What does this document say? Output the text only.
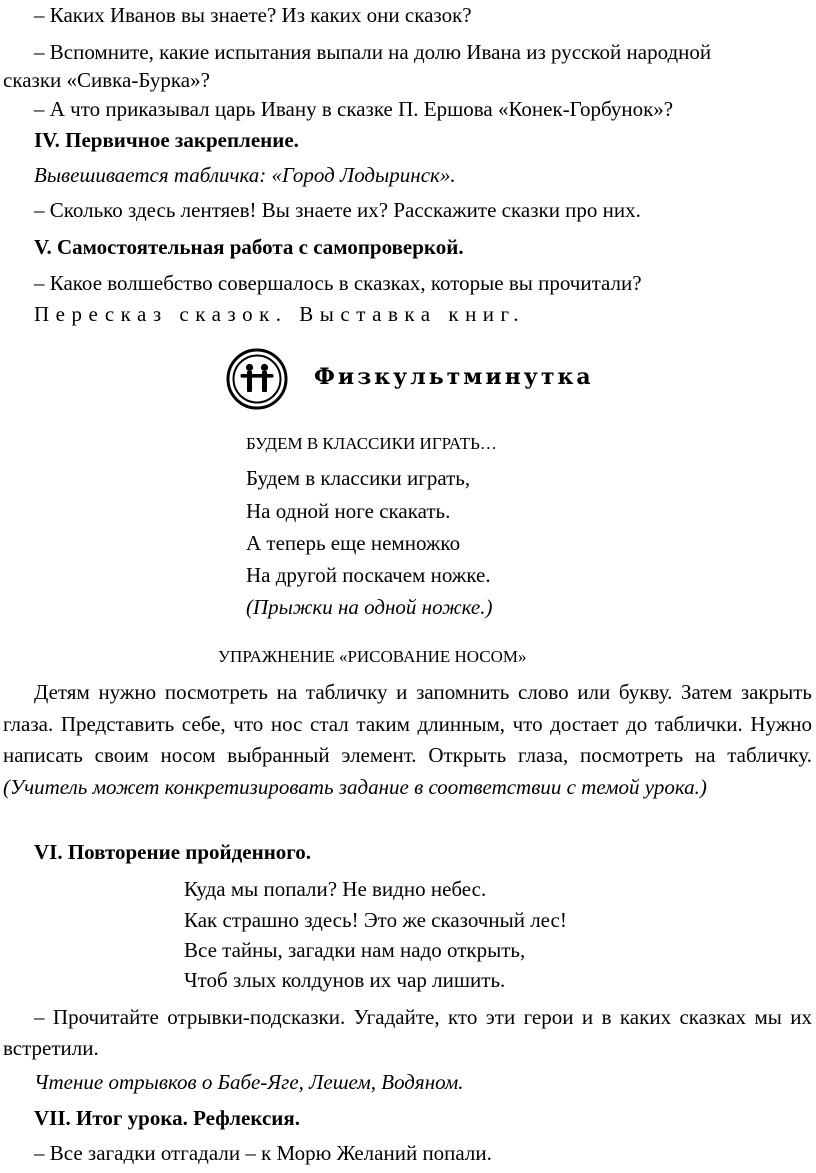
– Каких Иванов вы знаете? Из каких они сказок?
– Вспомните, какие испытания выпали на долю Ивана из русской народной
сказки «Сивка-Бурка»?
– А что приказывал царь Ивану в сказке П. Ершова «Конек-Горбунок»?
IV. Первичное закрепление.
Вывешивается табличка: «Город Лодыринск».
– Сколько здесь лентяев! Вы знаете их? Расскажите сказки про них.
V. Самостоятельная работа с самопроверкой.
– Какое волшебство совершалось в сказках, которые вы прочитали?
Пересказ сказок. Выставка книг.
Физкультминутка
БУДЕМ В КЛАССИКИ ИГРАТЬ…
Будем в классики играть,
На одной ноге скакать.
А теперь еще немножко
На другой поскачем ножке.
(Прыжки на одной ножке.)
УПРАЖНЕНИЕ «РИСОВАНИЕ НОСОМ»
Детям нужно посмотреть на табличку и запомнить слово или букву. Затем закрыть глаза. Представить себе, что нос стал таким длинным, что достает до таблички. Нужно написать своим носом выбранный элемент. Открыть глаза, посмотреть на табличку. (Учитель может конкретизировать задание в соответствии с темой урока.)
VI. Повторение пройденного.
Куда мы попали? Не видно небес.
Как страшно здесь! Это же сказочный лес!
Все тайны, загадки нам надо открыть,
Чтоб злых колдунов их чар лишить.
– Прочитайте отрывки-подсказки. Угадайте, кто эти герои и в каких сказках мы их встретили.
Чтение отрывков о Бабе-Яге, Лешем, Водяном.
VII. Итог урока. Рефлексия.
– Все загадки отгадали – к Морю Желаний попали.
